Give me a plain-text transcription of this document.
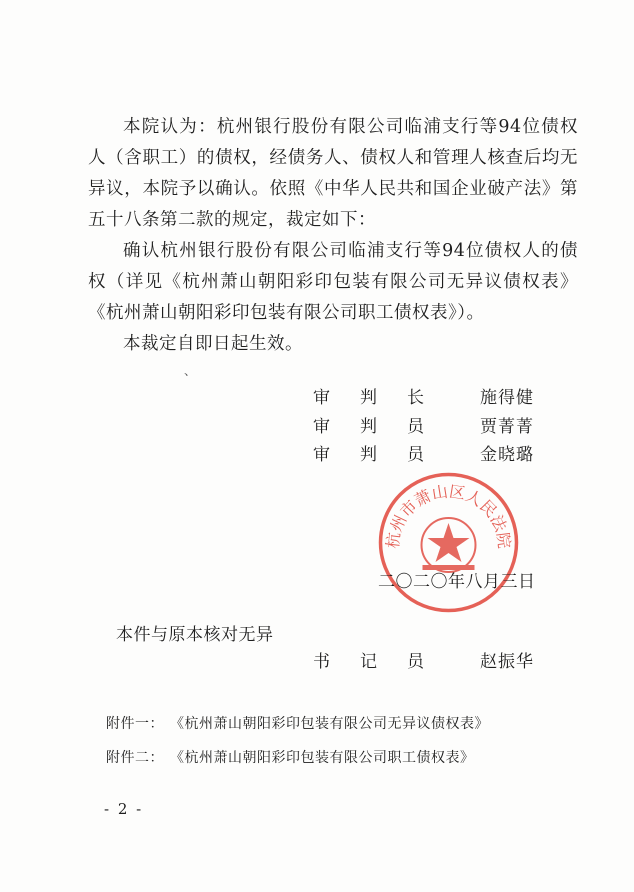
本院认为：杭州银行股份有限公司临浦支行等94位债权人（含职工）的债权，经债务人、债权人和管理人核查后均无异议，本院予以确认。依照《中华人民共和国企业破产法》第五十八条第二款的规定，裁定如下：

确认杭州银行股份有限公司临浦支行等94位债权人的债权（详见《杭州萧山朝阳彩印包装有限公司无异议债权表》《杭州萧山朝阳彩印包装有限公司职工债权表》）。

本裁定自即日起生效。

、
审判长 施得健
审判员 贾菁菁
审判员 金晓璐
杭州市萧山区人民法院
二〇二〇年八月三日
本件与原本核对无异
书记员 赵振华
附件一： 《杭州萧山朝阳彩印包装有限公司无异议债权表》
附件二： 《杭州萧山朝阳彩印包装有限公司职工债权表》
- 2 -
